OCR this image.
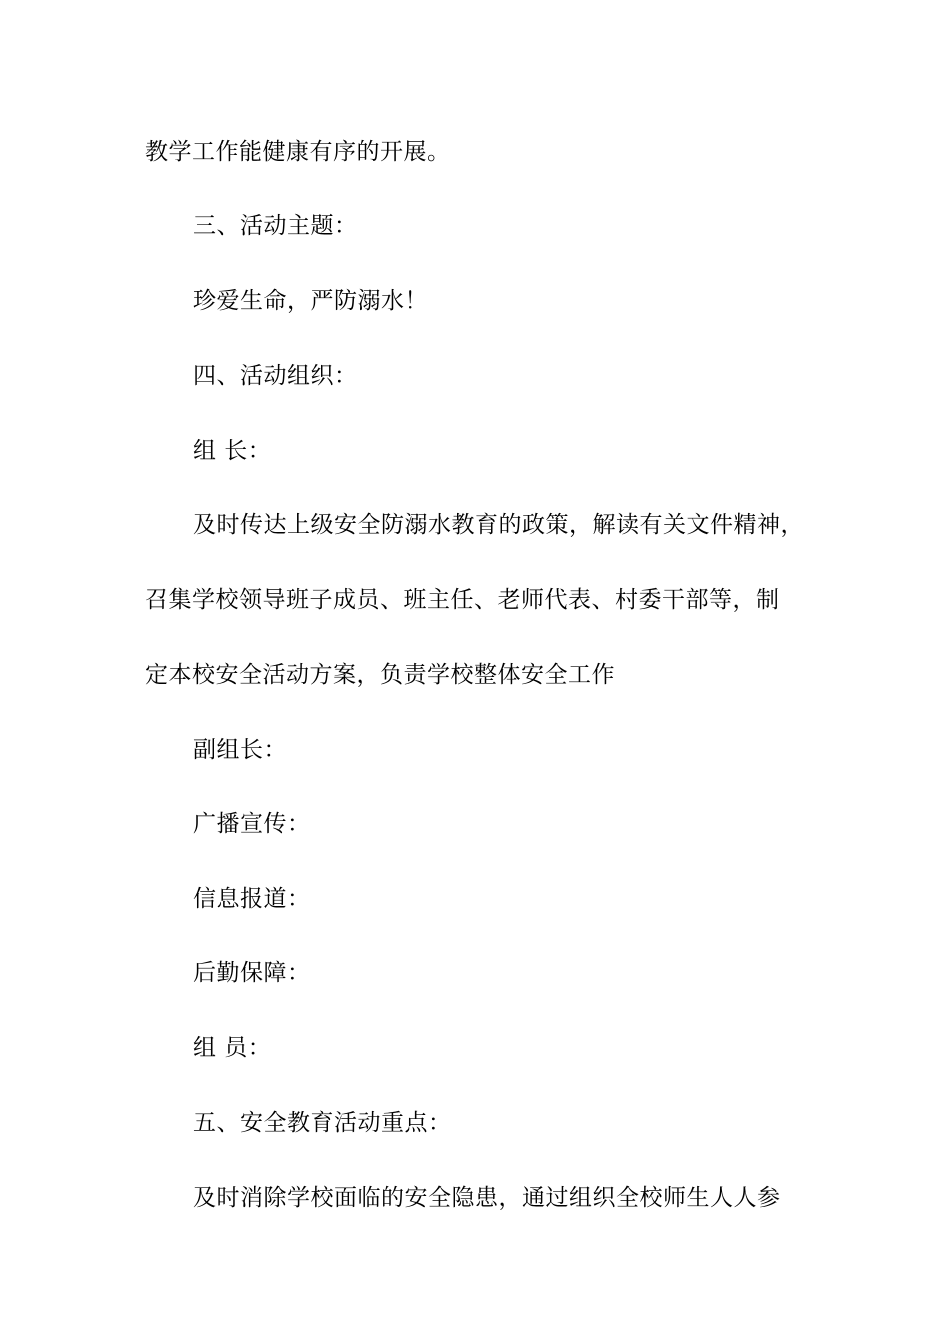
教学工作能健康有序的开展。
三、活动主题：
珍爱生命，严防溺水！
四、活动组织：
组 长：
及时传达上级安全防溺水教育的政策，解读有关文件精神，
召集学校领导班子成员、班主任、老师代表、村委干部等，制
定本校安全活动方案，负责学校整体安全工作
副组长：
广播宣传：
信息报道：
后勤保障：
组 员：
五、安全教育活动重点：
及时消除学校面临的安全隐患，通过组织全校师生人人参
